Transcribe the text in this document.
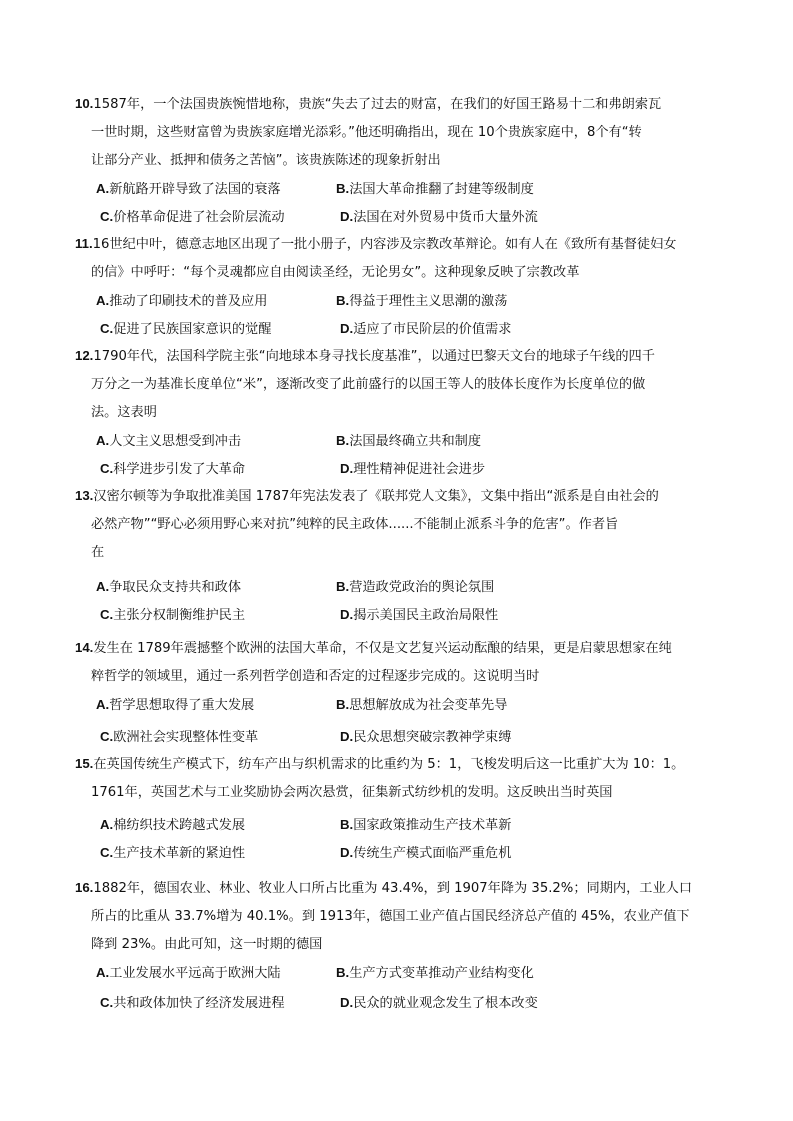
10.1587年，一个法国贵族惋惜地称，贵族“失去了过去的财富，在我们的好国王路易十二和弗朗索瓦
一世时期，这些财富曾为贵族家庭增光添彩。”他还明确指出，现在 10个贵族家庭中，8个有“转
让部分产业、抵押和债务之苦恼”。该贵族陈述的现象折射出

A.新航路开辟导致了法国的衰落	B.法国大革命推翻了封建等级制度
C.价格革命促进了社会阶层流动	D.法国在对外贸易中货币大量外流

11.16世纪中叶，德意志地区出现了一批小册子，内容涉及宗教改革辩论。如有人在《致所有基督徒妇女
的信》中呼吁：“每个灵魂都应自由阅读圣经，无论男女”。这种现象反映了宗教改革

A.推动了印刷技术的普及应用	B.得益于理性主义思潮的激荡
C.促进了民族国家意识的觉醒	D.适应了市民阶层的价值需求

12.1790年代，法国科学院主张“向地球本身寻找长度基准”，以通过巴黎天文台的地球子午线的四千
万分之一为基准长度单位“米”，逐渐改变了此前盛行的以国王等人的肢体长度作为长度单位的做
法。这表明

A.人文主义思想受到冲击	B.法国最终确立共和制度
C.科学进步引发了大革命	D.理性精神促进社会进步

13.汉密尔顿等为争取批准美国 1787年宪法发表了《联邦党人文集》，文集中指出“派系是自由社会的
必然产物”“野心必须用野心来对抗”纯粹的民主政体......不能制止派系斗争的危害”。作者旨
在

A.争取民众支持共和政体	B.营造政党政治的舆论氛围
C.主张分权制衡维护民主	D.揭示美国民主政治局限性

14.发生在 1789年震撼整个欧洲的法国大革命，不仅是文艺复兴运动酝酿的结果，更是启蒙思想家在纯
粹哲学的领域里，通过一系列哲学创造和否定的过程逐步完成的。这说明当时

A.哲学思想取得了重大发展	B.思想解放成为社会变革先导
C.欧洲社会实现整体性变革	D.民众思想突破宗教神学束缚

15.在英国传统生产模式下，纺车产出与织机需求的比重约为 5：1，飞梭发明后这一比重扩大为 10：1。
1761年，英国艺术与工业奖励协会两次悬赏，征集新式纺纱机的发明。这反映出当时英国

A.棉纺织技术跨越式发展	B.国家政策推动生产技术革新
C.生产技术革新的紧迫性	D.传统生产模式面临严重危机

16.1882年，德国农业、林业、牧业人口所占比重为 43.4%，到 1907年降为 35.2%；同期内，工业人口
所占的比重从 33.7%增为 40.1%。到 1913年，德国工业产值占国民经济总产值的 45%，农业产值下
降到 23%。由此可知，这一时期的德国

A.工业发展水平远高于欧洲大陆	B.生产方式变革推动产业结构变化
C.共和政体加快了经济发展进程	D.民众的就业观念发生了根本改变
